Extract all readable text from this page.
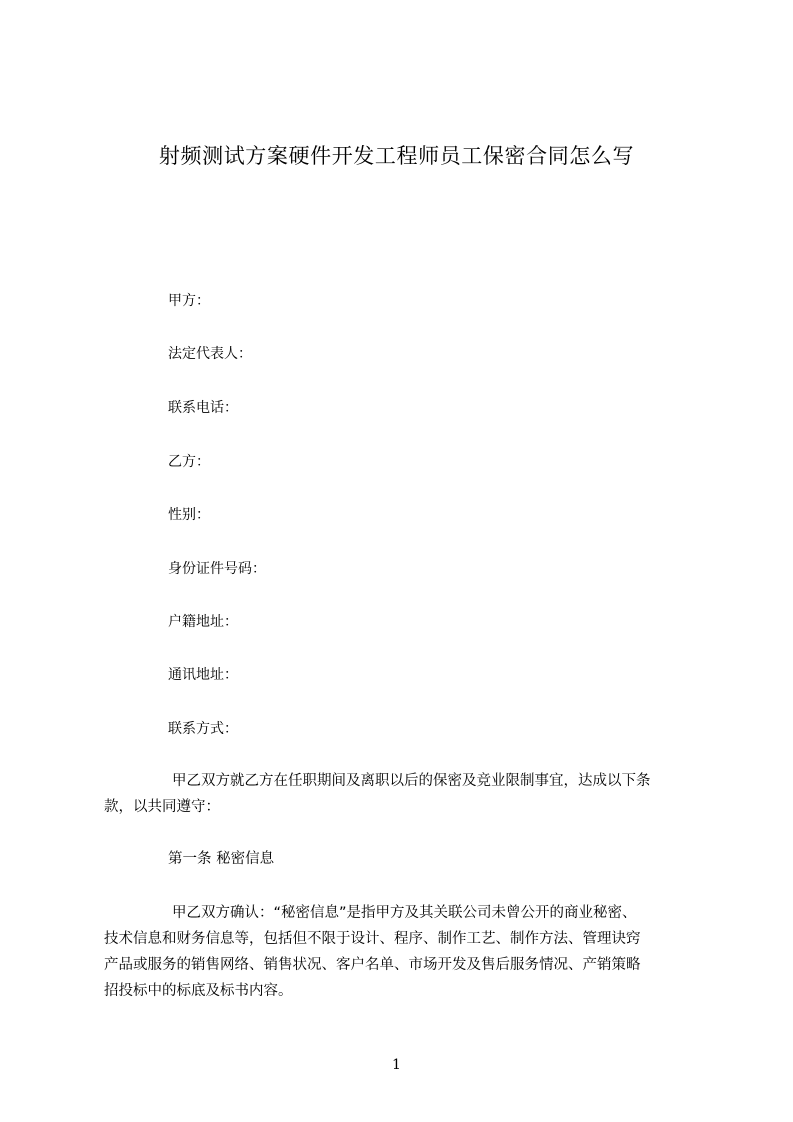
射频测试方案硬件开发工程师员工保密合同怎么写
甲方：
法定代表人：
联系电话：
乙方：
性别：
身份证件号码：
户籍地址：
通讯地址：
联系方式：
甲乙双方就乙方在任职期间及离职以后的保密及竞业限制事宜，达成以下条
款，以共同遵守：
第一条 秘密信息
甲乙双方确认：“秘密信息”是指甲方及其关联公司未曾公开的商业秘密、
技术信息和财务信息等，包括但不限于设计、程序、制作工艺、制作方法、管理诀窍
产品或服务的销售网络、销售状况、客户名单、市场开发及售后服务情况、产销策略
招投标中的标底及标书内容。
1
